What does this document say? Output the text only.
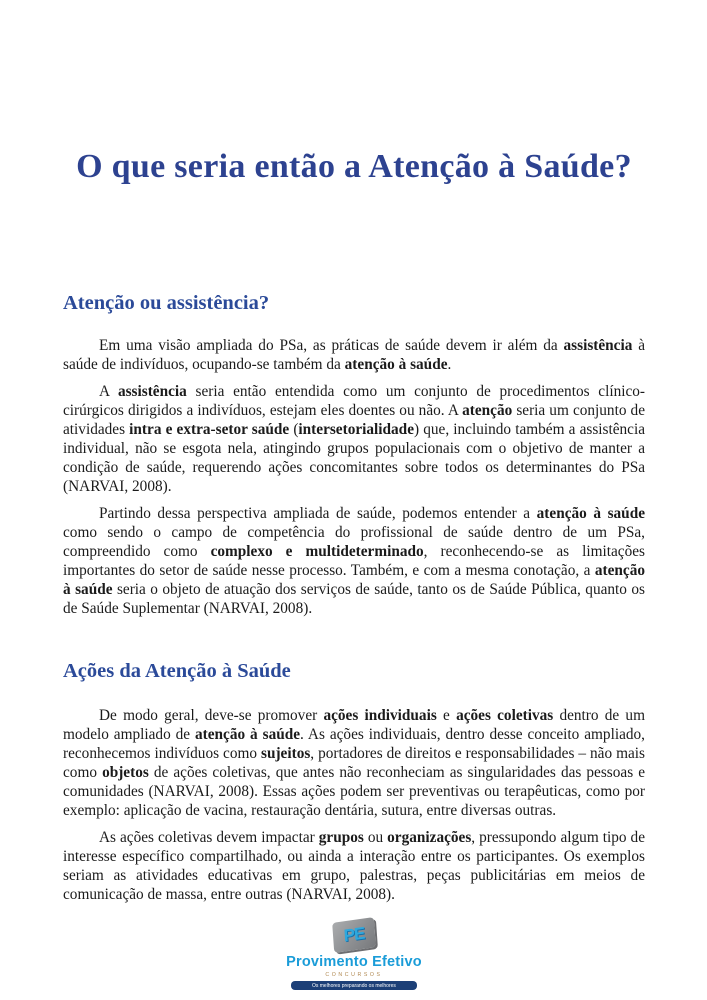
O que seria então a Atenção à Saúde?
Atenção ou assistência?

Em uma visão ampliada do PSa, as práticas de saúde devem ir além da assistência à saúde de indivíduos, ocupando-se também da atenção à saúde.

A assistência seria então entendida como um conjunto de procedimentos clínico-cirúrgicos dirigidos a indivíduos, estejam eles doentes ou não. A atenção seria um conjunto de atividades intra e extra-setor saúde (intersetorialidade) que, incluindo também a assistência individual, não se esgota nela, atingindo grupos populacionais com o objetivo de manter a condição de saúde, requerendo ações concomitantes sobre todos os determinantes do PSa (NARVAI, 2008).

Partindo dessa perspectiva ampliada de saúde, podemos entender a atenção à saúde como sendo o campo de competência do profissional de saúde dentro de um PSa, compreendido como complexo e multideterminado, reconhecendo-se as limitações importantes do setor de saúde nesse processo. Também, e com a mesma conotação, a atenção à saúde seria o objeto de atuação dos serviços de saúde, tanto os de Saúde Pública, quanto os de Saúde Suplementar (NARVAI, 2008).

Ações da Atenção à Saúde

De modo geral, deve-se promover ações individuais e ações coletivas dentro de um modelo ampliado de atenção à saúde. As ações individuais, dentro desse conceito ampliado, reconhecemos indivíduos como sujeitos, portadores de direitos e responsabilidades – não mais como objetos de ações coletivas, que antes não reconheciam as singularidades das pessoas e comunidades (NARVAI, 2008). Essas ações podem ser preventivas ou terapêuticas, como por exemplo: aplicação de vacina, restauração dentária, sutura, entre diversas outras.

As ações coletivas devem impactar grupos ou organizações, pressupondo algum tipo de interesse específico compartilhado, ou ainda a interação entre os participantes. Os exemplos seriam as atividades educativas em grupo, palestras, peças publicitárias em meios de comunicação de massa, entre outras (NARVAI, 2008).

PE
Provimento Efetivo
CONCURSOS
Os melhores preparando os melhores
